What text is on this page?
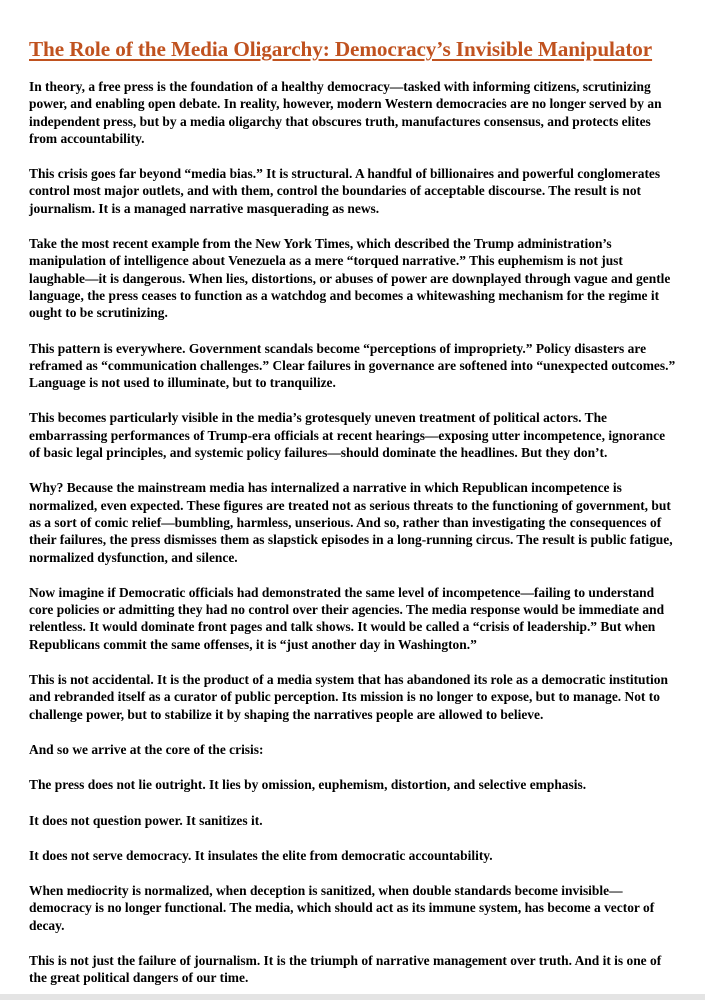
The Role of the Media Oligarchy: Democracy’s Invisible Manipulator

In theory, a free press is the foundation of a healthy democracy—tasked with informing citizens, scrutinizing power, and enabling open debate. In reality, however, modern Western democracies are no longer served by an independent press, but by a media oligarchy that obscures truth, manufactures consensus, and protects elites from accountability.

This crisis goes far beyond “media bias.” It is structural. A handful of billionaires and powerful conglomerates control most major outlets, and with them, control the boundaries of acceptable discourse. The result is not journalism. It is a managed narrative masquerading as news.

Take the most recent example from the New York Times, which described the Trump administration’s manipulation of intelligence about Venezuela as a mere “torqued narrative.” This euphemism is not just laughable—it is dangerous. When lies, distortions, or abuses of power are downplayed through vague and gentle language, the press ceases to function as a watchdog and becomes a whitewashing mechanism for the regime it ought to be scrutinizing.

This pattern is everywhere. Government scandals become “perceptions of impropriety.” Policy disasters are reframed as “communication challenges.” Clear failures in governance are softened into “unexpected outcomes.” Language is not used to illuminate, but to tranquilize.

This becomes particularly visible in the media’s grotesquely uneven treatment of political actors. The embarrassing performances of Trump-era officials at recent hearings—exposing utter incompetence, ignorance of basic legal principles, and systemic policy failures—should dominate the headlines. But they don’t.

Why? Because the mainstream media has internalized a narrative in which Republican incompetence is normalized, even expected. These figures are treated not as serious threats to the functioning of government, but as a sort of comic relief—bumbling, harmless, unserious. And so, rather than investigating the consequences of their failures, the press dismisses them as slapstick episodes in a long-running circus. The result is public fatigue, normalized dysfunction, and silence.

Now imagine if Democratic officials had demonstrated the same level of incompetence—failing to understand core policies or admitting they had no control over their agencies. The media response would be immediate and relentless. It would dominate front pages and talk shows. It would be called a “crisis of leadership.” But when Republicans commit the same offenses, it is “just another day in Washington.”

This is not accidental. It is the product of a media system that has abandoned its role as a democratic institution and rebranded itself as a curator of public perception. Its mission is no longer to expose, but to manage. Not to challenge power, but to stabilize it by shaping the narratives people are allowed to believe.

And so we arrive at the core of the crisis:

The press does not lie outright. It lies by omission, euphemism, distortion, and selective emphasis.

It does not question power. It sanitizes it.

It does not serve democracy. It insulates the elite from democratic accountability.

When mediocrity is normalized, when deception is sanitized, when double standards become invisible—democracy is no longer functional. The media, which should act as its immune system, has become a vector of decay.

This is not just the failure of journalism. It is the triumph of narrative management over truth. And it is one of the great political dangers of our time.
